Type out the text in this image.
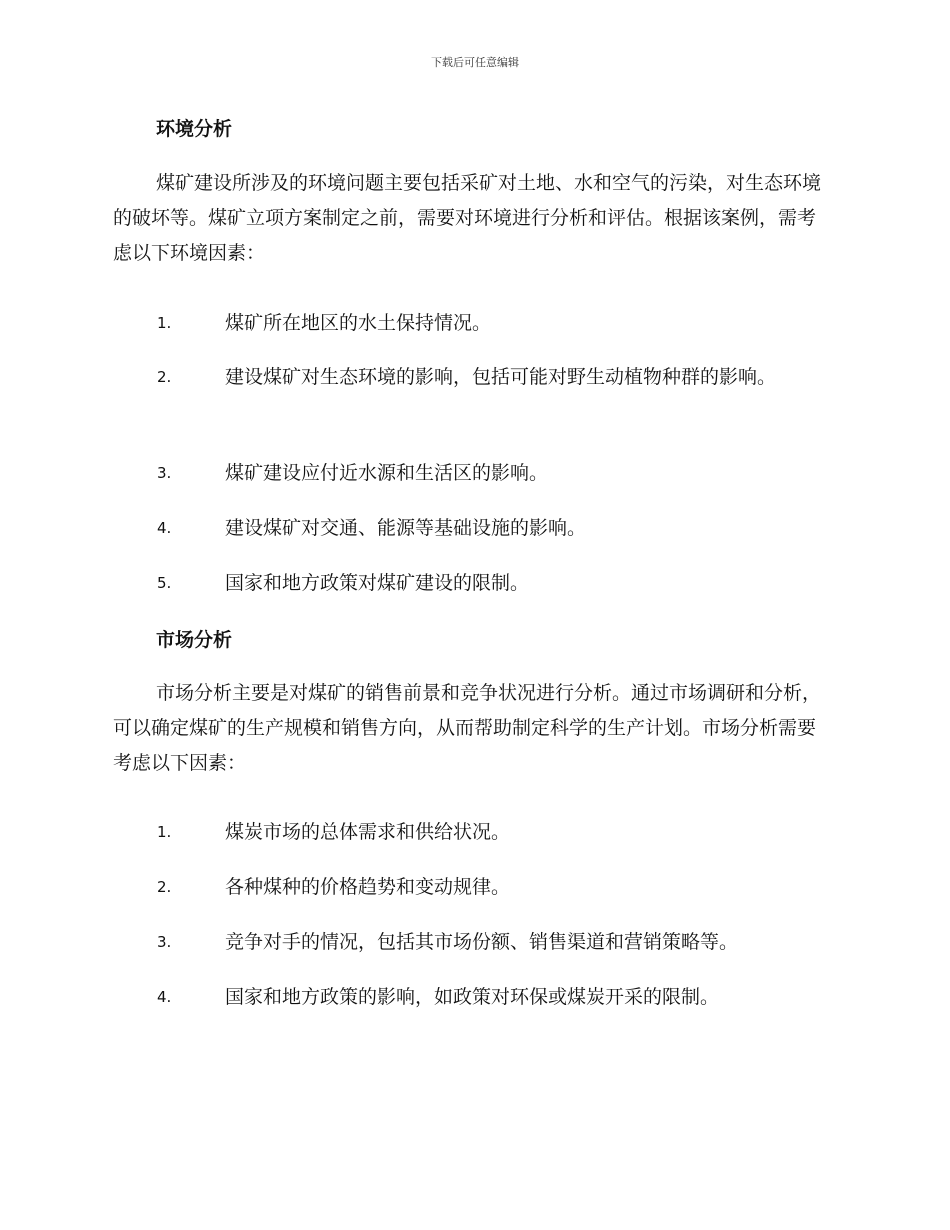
下载后可任意编辑
环境分析

煤矿建设所涉及的环境问题主要包括采矿对土地、水和空气的污染，对生态环境的破坏等。煤矿立项方案制定之前，需要对环境进行分析和评估。根据该案例，需考虑以下环境因素：

1.	煤矿所在地区的水土保持情况。
2.	建设煤矿对生态环境的影响，包括可能对野生动植物种群的影响。
3.	煤矿建设应付近水源和生活区的影响。
4.	建设煤矿对交通、能源等基础设施的影响。
5.	国家和地方政策对煤矿建设的限制。
市场分析

市场分析主要是对煤矿的销售前景和竞争状况进行分析。通过市场调研和分析，可以确定煤矿的生产规模和销售方向，从而帮助制定科学的生产计划。市场分析需要考虑以下因素：

1.	煤炭市场的总体需求和供给状况。
2.	各种煤种的价格趋势和变动规律。
3.	竞争对手的情况，包括其市场份额、销售渠道和营销策略等。
4.	国家和地方政策的影响，如政策对环保或煤炭开采的限制。
